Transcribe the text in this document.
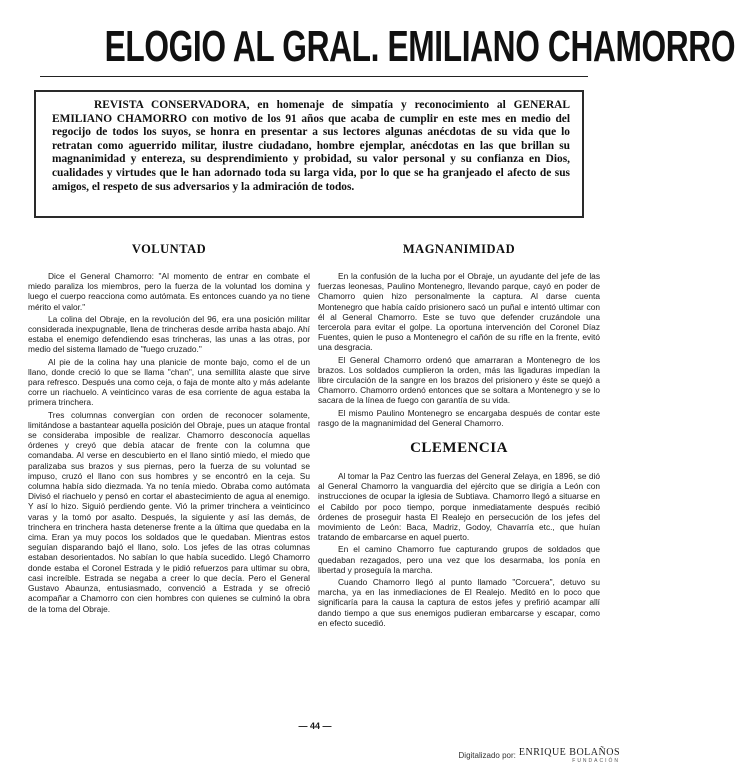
ELOGIO AL GRAL. EMILIANO CHAMORRO
REVISTA CONSERVADORA, en homenaje de simpatía y reconocimiento al GENERAL EMILIANO CHAMORRO con motivo de los 91 años que acaba de cumplir en este mes en medio del regocijo de todos los suyos, se honra en presentar a sus lectores algunas anécdotas de su vida que lo retratan como aguerrido militar, ilustre ciudadano, hombre ejemplar, anécdotas en las que brillan su magnanimidad y entereza, su desprendimiento y probidad, su valor personal y su confianza en Dios, cualidades y virtudes que le han adornado toda su larga vida, por lo que se ha granjeado el afecto de sus amigos, el respeto de sus adversarios y la admiración de todos.
VOLUNTAD

Dice el General Chamorro: "Al momento de entrar en combate el miedo paraliza los miembros, pero la fuerza de la voluntad los domina y luego el cuerpo reacciona como autómata. Es entonces cuando ya no tiene mérito el valor."

La colina del Obraje, en la revolución del 96, era una posición militar considerada inexpugnable, llena de trincheras desde arriba hasta abajo. Ahí estaba el enemigo defendiendo esas trincheras, las unas a las otras, por medio del sistema llamado de "fuego cruzado."

Al pie de la colina hay una planicie de monte bajo, como el de un llano, donde creció lo que se llama "chan", una semillita alaste que sirve para refresco. Después una como ceja, o faja de monte alto y más adelante corre un riachuelo. A veinticinco varas de esa corriente de agua estaba la primera trinchera.

Tres columnas convergían con orden de reconocer solamente, limitándose a bastantear aquella posición del Obraje, pues un ataque frontal se consideraba imposible de realizar. Chamorro desconocía aquellas órdenes y creyó que debía atacar de frente con la columna que comandaba. Al verse en descubierto en el llano sintió miedo, el miedo que paralizaba sus brazos y sus piernas, pero la fuerza de su voluntad se impuso, cruzó el llano con sus hombres y se encontró en la ceja. Su columna había sido diezmada. Ya no tenía miedo. Obraba como autómata Divisó el riachuelo y pensó en cortar el abastecimiento de agua al enemigo. Y así lo hizo. Siguió perdiendo gente. Vió la primer trinchera a veinticinco varas y la tomó por asalto. Después, la siguiente y así las demás, de trinchera en trinchera hasta detenerse frente a la última que quedaba en la cima. Eran ya muy pocos los soldados que le quedaban. Mientras estos seguían disparando bajó el llano, solo. Los jefes de las otras columnas estaban desorientados. No sabían lo que había sucedido. Llegó Chamorro donde estaba el Coronel Estrada y le pidió refuerzos para ultimar su obra, casi increíble. Estrada se negaba a creer lo que decía. Pero el General Gustavo Abaunza, entusiasmado, convenció a Estrada y se ofreció acompañar a Chamorro con cien hombres con quienes se culminó la obra de la toma del Obraje.

MAGNANIMIDAD

En la confusión de la lucha por el Obraje, un ayudante del jefe de las fuerzas leonesas, Paulino Montenegro, llevando parque, cayó en poder de Chamorro quien hizo personalmente la captura. Al darse cuenta Montenegro que había caído prisionero sacó un puñal e intentó ultimar con él al General Chamorro. Este se tuvo que defender cruzándole una tercerola para evitar el golpe. La oportuna intervención del Coronel Díaz Fuentes, quien le puso a Montenegro el cañón de su rifle en la frente, evitó una desgracia.

El General Chamorro ordenó que amarraran a Montenegro de los brazos. Los soldados cumplieron la orden, más las ligaduras impedían la libre circulación de la sangre en los brazos del prisionero y éste se quejó a Chamorro. Chamorro ordenó entonces que se soltara a Montenegro y se lo sacara de la línea de fuego con garantía de su vida.

El mismo Paulino Montenegro se encargaba después de contar este rasgo de la magnanimidad del General Chamorro.

CLEMENCIA

Al tomar la Paz Centro las fuerzas del General Zelaya, en 1896, se dió al General Chamorro la vanguardia del ejército que se dirigía a León con instrucciones de ocupar la iglesia de Subtiava. Chamorro llegó a situarse en el Cabildo por poco tiempo, porque inmediatamente después recibió órdenes de proseguir hasta El Realejo en persecución de los jefes del movimiento de León: Baca, Madriz, Godoy, Chavarría etc., que huían tratando de embarcarse en aquel puerto.

En el camino Chamorro fue capturando grupos de soldados que quedaban rezagados, pero una vez que los desarmaba, los ponía en libertad y proseguía la marcha.

Cuando Chamorro llegó al punto llamado "Corcuera", detuvo su marcha, ya en las inmediaciones de El Realejo. Meditó en lo poco que significaría para la causa la captura de estos jefes y prefirió acampar allí dando tiempo a que sus enemigos pudieran embarcarse y escapar, como en efecto sucedió.

— 44 —
Digitalizado por: ENRIQUE BOLAÑOS
FUNDACIÓN
